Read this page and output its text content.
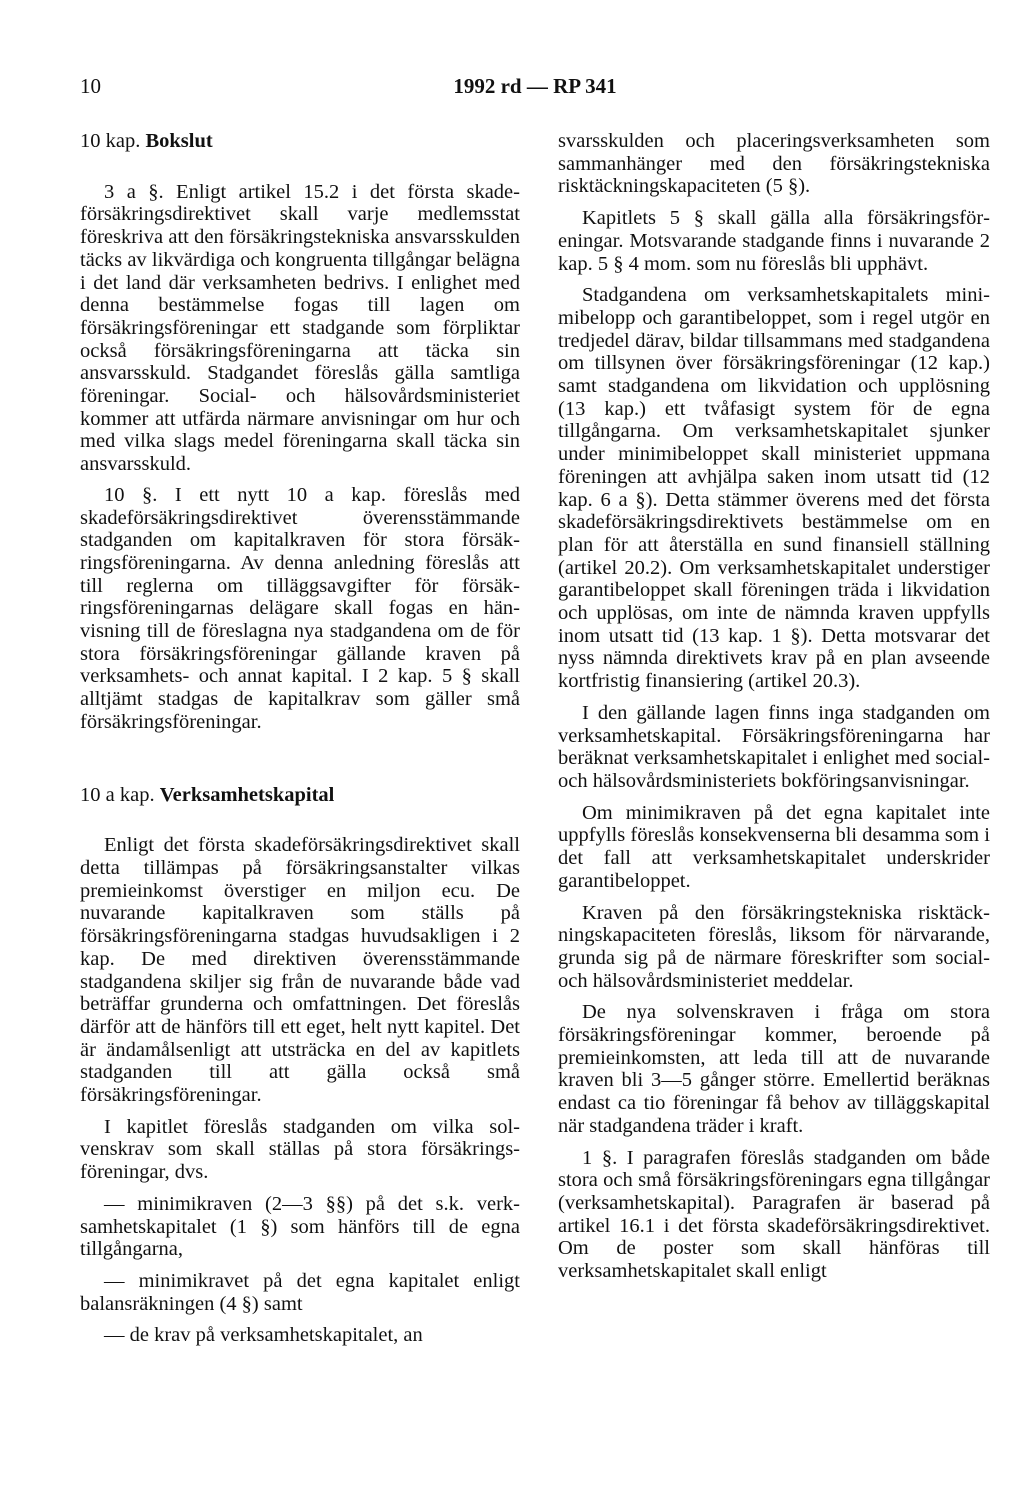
10	1992 rd — RP 341

10 kap. Bokslut

3 a §. Enligt artikel 15.2 i det första skadeförsäkringsdirektivet skall varje medlemsstat föreskriva att den försäkringstekniska ansvarsskulden täcks av likvärdiga och kongruenta tillgångar belägna i det land där verksamheten bedrivs. I enlighet med denna bestämmelse fogas till lagen om försäkringsföreningar ett stadgande som förpliktar också försäkringsföreningarna att täcka sin ansvarsskuld. Stadgandet föreslås gälla samtliga föreningar. Social- och hälsovårdsministeriet kommer att utfärda närmare anvisningar om hur och med vilka slags medel föreningarna skall täcka sin ansvarsskuld.

10 §. I ett nytt 10 a kap. föreslås med skadeförsäkringsdirektivet överensstämmande stadganden om kapitalkraven för stora försäkringsföreningarna. Av denna anledning föreslås att till reglerna om tilläggsavgifter för försäkringsföreningarnas delägare skall fogas en hänvisning till de föreslagna nya stadgandena om de för stora försäkringsföreningar gällande kraven på verksamhets- och annat kapital. I 2 kap. 5 § skall alltjämt stadgas de kapitalkrav som gäller små försäkringsföreningar.

10 a kap. Verksamhetskapital

Enligt det första skadeförsäkringsdirektivet skall detta tillämpas på försäkringsanstalter vilkas premieinkomst överstiger en miljon ecu. De nuvarande kapitalkraven som ställs på försäkringsföreningarna stadgas huvudsakligen i 2 kap. De med direktiven överensstämmande stadgandena skiljer sig från de nuvarande både vad beträffar grunderna och omfattningen. Det föreslås därför att de hänförs till ett eget, helt nytt kapitel. Det är ändamålsenligt att utsträcka en del av kapitlets stadganden till att gälla också små försäkringsföreningar.

I kapitlet föreslås stadganden om vilka solvenskrav som skall ställas på stora försäkringsföreningar, dvs.

— minimikraven (2—3 §§) på det s.k. verksamhetskapitalet (1 §) som hänförs till de egna tillgångarna,

— minimikravet på det egna kapitalet enligt balansräkningen (4 §) samt

— de krav på verksamhetskapitalet, an

svarsskulden och placeringsverksamheten som sammanhänger med den försäkringstekniska risktäckningskapaciteten (5 §).

Kapitlets 5 § skall gälla alla försäkringsföreningar. Motsvarande stadgande finns i nuvarande 2 kap. 5 § 4 mom. som nu föreslås bli upphävt.

Stadgandena om verksamhetskapitalets minimibelopp och garantibeloppet, som i regel utgör en tredjedel därav, bildar tillsammans med stadgandena om tillsynen över försäkringsföreningar (12 kap.) samt stadgandena om likvidation och upplösning (13 kap.) ett tvåfasigt system för de egna tillgångarna. Om verksamhetskapitalet sjunker under minimibeloppet skall ministeriet uppmana föreningen att avhjälpa saken inom utsatt tid (12 kap. 6 a §). Detta stämmer överens med det första skadeförsäkringsdirektivets bestämmelse om en plan för att återställa en sund finansiell ställning (artikel 20.2). Om verksamhetskapitalet understiger garantibeloppet skall föreningen träda i likvidation och upplösas, om inte de nämnda kraven uppfylls inom utsatt tid (13 kap. 1 §). Detta motsvarar det nyss nämnda direktivets krav på en plan avseende kortfristig finansiering (artikel 20.3).

I den gällande lagen finns inga stadganden om verksamhetskapital. Försäkringsföreningarna har beräknat verksamhetskapitalet i enlighet med social- och hälsovårdsministeriets bokföringsanvisningar.

Om minimikraven på det egna kapitalet inte uppfylls föreslås konsekvenserna bli desamma som i det fall att verksamhetskapitalet underskrider garantibeloppet.

Kraven på den försäkringstekniska risktäckningskapaciteten föreslås, liksom för närvarande, grunda sig på de närmare föreskrifter som social- och hälsovårdsministeriet meddelar.

De nya solvenskraven i fråga om stora försäkringsföreningar kommer, beroende på premieinkomsten, att leda till att de nuvarande kraven bli 3—5 gånger större. Emellertid beräknas endast ca tio föreningar få behov av tilläggskapital när stadgandena träder i kraft.

1 §. I paragrafen föreslås stadganden om både stora och små försäkringsföreningars egna tillgångar (verksamhetskapital). Paragrafen är baserad på artikel 16.1 i det första skadeförsäkringsdirektivet. Om de poster som skall hänföras till verksamhetskapitalet skall enligt
